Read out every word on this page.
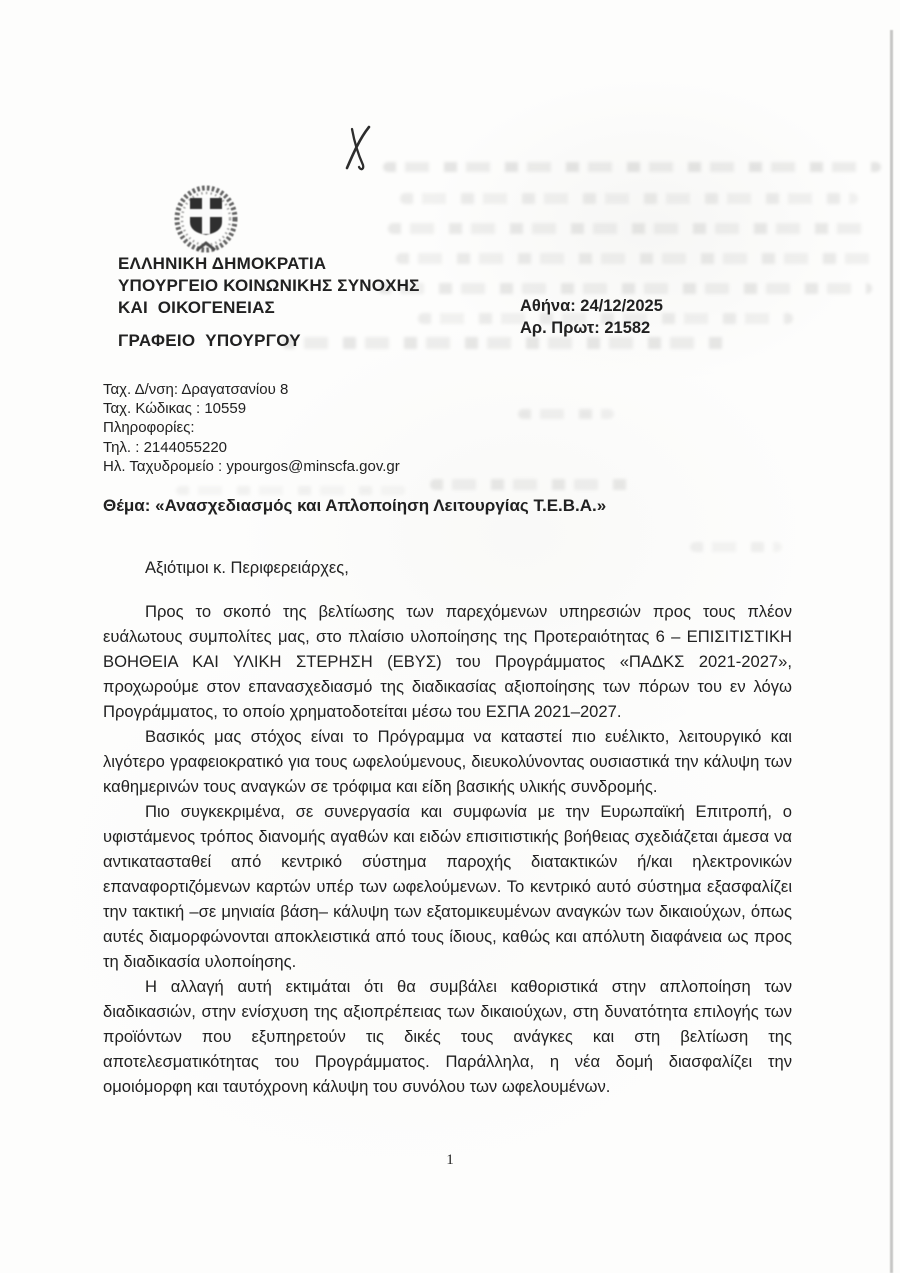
ΕΛΛΗΝΙΚΗ ΔΗΜΟΚΡΑΤΙΑ
ΥΠΟΥΡΓΕΙΟ ΚΟΙΝΩΝΙΚΗΣ ΣΥΝΟΧΗΣ
ΚΑΙ  ΟΙΚΟΓΕΝΕΙΑΣ	Αθήνα: 24/12/2025
Αρ. Πρωτ: 21582
ΓΡΑΦΕΙΟ  ΥΠΟΥΡΓΟΥ
Ταχ. Δ/νση: Δραγατσανίου 8
Ταχ. Κώδικας : 10559
Πληροφορίες:
Τηλ. : 2144055220
Ηλ. Ταχυδρομείο : ypourgos@minscfa.gov.gr
Θέμα: «Ανασχεδιασμός και Απλοποίηση Λειτουργίας Τ.Ε.Β.Α.»
Αξιότιμοι κ. Περιφερειάρχες,

Προς το σκοπό της βελτίωσης των παρεχόμενων υπηρεσιών προς τους πλέον ευάλωτους συμπολίτες μας, στο πλαίσιο υλοποίησης της Προτεραιότητας 6 – ΕΠΙΣΙΤΙΣΤΙΚΗ ΒΟΗΘΕΙΑ ΚΑΙ ΥΛΙΚΗ ΣΤΕΡΗΣΗ (ΕΒΥΣ) του Προγράμματος «ΠΑΔΚΣ 2021-2027», προχωρούμε στον επανασχεδιασμό της διαδικασίας αξιοποίησης των πόρων του εν λόγω Προγράμματος, το οποίο χρηματοδοτείται μέσω του ΕΣΠΑ 2021–2027.

Βασικός μας στόχος είναι το Πρόγραμμα να καταστεί πιο ευέλικτο, λειτουργικό και λιγότερο γραφειοκρατικό για τους ωφελούμενους, διευκολύνοντας ουσιαστικά την κάλυψη των καθημερινών τους αναγκών σε τρόφιμα και είδη βασικής υλικής συνδρομής.

Πιο συγκεκριμένα, σε συνεργασία και συμφωνία με την Ευρωπαϊκή Επιτροπή, ο υφιστάμενος τρόπος διανομής αγαθών και ειδών επισιτιστικής βοήθειας σχεδιάζεται άμεσα να αντικατασταθεί από κεντρικό σύστημα παροχής διατακτικών ή/και ηλεκτρονικών επαναφορτιζόμενων καρτών υπέρ των ωφελούμενων. Το κεντρικό αυτό σύστημα εξασφαλίζει την τακτική –σε μηνιαία βάση– κάλυψη των εξατομικευμένων αναγκών των δικαιούχων, όπως αυτές διαμορφώνονται αποκλειστικά από τους ίδιους, καθώς και απόλυτη διαφάνεια ως προς τη διαδικασία υλοποίησης.

Η αλλαγή αυτή εκτιμάται ότι θα συμβάλει καθοριστικά στην απλοποίηση των διαδικασιών, στην ενίσχυση της αξιοπρέπειας των δικαιούχων, στη δυνατότητα επιλογής των προϊόντων που εξυπηρετούν τις δικές τους ανάγκες και στη βελτίωση της αποτελεσματικότητας του Προγράμματος. Παράλληλα, η νέα δομή διασφαλίζει την ομοιόμορφη και ταυτόχρονη κάλυψη του συνόλου των ωφελουμένων.

1
